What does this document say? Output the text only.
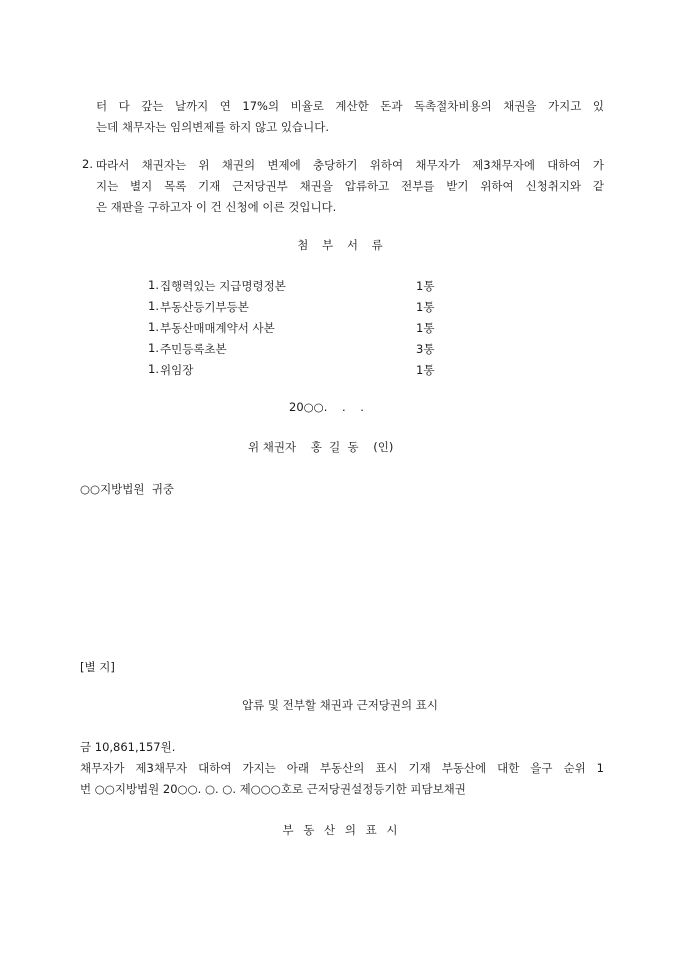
터 다 갚는 날까지 연 17%의 비율로 계산한 돈과 독촉절차비용의 채권을 가지고 있
는데 채무자는 임의변제를 하지 않고 있습니다.
2. 따라서 채권자는 위 채권의 변제에 충당하기 위하여 채무자가 제3채무자에 대하여 가
지는 별지 목록 기재 근저당권부 채권을 압류하고 전부를 받기 위하여 신청취지와 같
은 재판을 구하고자 이 건 신청에 이른 것입니다.
첨 부 서 류
1. 집행력있는 지급명령정본	1통
1. 부동산등기부등본	1통
1. 부동산매매계약서 사본	1통
1. 주민등록초본	3통
1. 위임장	1통
20○○.    .    .
위 채권자    홍  길  동    (인)
○○지방법원  귀중
[별 지]
압류 및 전부할 채권과 근저당권의 표시
금 10,861,157원.
채무자가 제3채무자 대하여 가지는 아래 부동산의 표시 기재 부동산에 대한 을구 순위 1
번 ○○지방법원 20○○. ○. ○. 제○○○호로 근저당권설정등기한 피담보채권
부 동 산 의 표 시
